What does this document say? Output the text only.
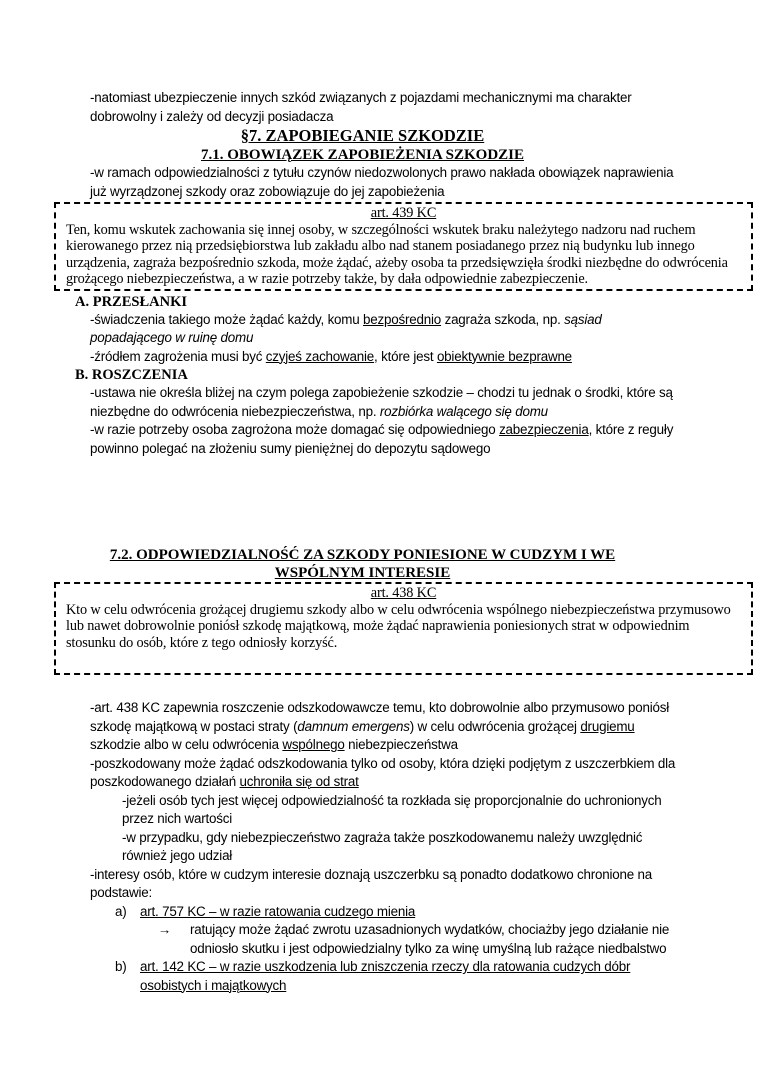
-natomiast ubezpieczenie innych szkód związanych z pojazdami mechanicznymi ma charakter dobrowolny i zależy od decyzji posiadacza

§7. ZAPOBIEGANIE SZKODZIE
7.1. OBOWIĄZEK ZAPOBIEŻENIA SZKODZIE

-w ramach odpowiedzialności z tytułu czynów niedozwolonych prawo nakłada obowiązek naprawienia już wyrządzonej szkody oraz zobowiązuje do jej zapobieżenia

art. 439 KC

Ten, komu wskutek zachowania się innej osoby, w szczególności wskutek braku należytego nadzoru nad ruchem kierowanego przez nią przedsiębiorstwa lub zakładu albo nad stanem posiadanego przez nią budynku lub innego urządzenia, zagraża bezpośrednio szkoda, może żądać, ażeby osoba ta przedsięwzięła środki niezbędne do odwrócenia grożącego niebezpieczeństwa, a w razie potrzeby także, by dała odpowiednie zabezpieczenie.

A. PRZESŁANKI

-świadczenia takiego może żądać każdy, komu bezpośrednio zagraża szkoda, np. sąsiad popadającego w ruinę domu

-źródłem zagrożenia musi być czyjeś zachowanie, które jest obiektywnie bezprawne

B. ROSZCZENIA

-ustawa nie określa bliżej na czym polega zapobieżenie szkodzie – chodzi tu jednak o środki, które są niezbędne do odwrócenia niebezpieczeństwa, np. rozbiórka walącego się domu

-w razie potrzeby osoba zagrożona może domagać się odpowiedniego zabezpieczenia, które z reguły powinno polegać na złożeniu sumy pieniężnej do depozytu sądowego

7.2. ODPOWIEDZIALNOŚĆ ZA SZKODY PONIESIONE W CUDZYM I WE WSPÓLNYM INTERESIE
art. 438 KC

Kto w celu odwrócenia grożącej drugiemu szkody albo w celu odwrócenia wspólnego niebezpieczeństwa przymusowo lub nawet dobrowolnie poniósł szkodę majątkową, może żądać naprawienia poniesionych strat w odpowiednim stosunku do osób, które z tego odniosły korzyść.

-art. 438 KC zapewnia roszczenie odszkodowawcze temu, kto dobrowolnie albo przymusowo poniósł szkodę majątkową w postaci straty (damnum emergens) w celu odwrócenia grożącej drugiemu szkodzie albo w celu odwrócenia wspólnego niebezpieczeństwa

-poszkodowany może żądać odszkodowania tylko od osoby, która dzięki podjętym z uszczerbkiem dla poszkodowanego działań uchroniła się od strat

-jeżeli osób tych jest więcej odpowiedzialność ta rozkłada się proporcjonalnie do uchronionych przez nich wartości

-w przypadku, gdy niebezpieczeństwo zagraża także poszkodowanemu należy uwzględnić również jego udział

-interesy osób, które w cudzym interesie doznają uszczerbku są ponadto dodatkowo chronione na podstawie:

a)	art. 757 KC – w razie ratowania cudzego mienia
→	ratujący może żądać zwrotu uzasadnionych wydatków, chociażby jego działanie nie odniosło skutku i jest odpowiedzialny tylko za winę umyślną lub rażące niedbalstwo
b)	art. 142 KC – w razie uszkodzenia lub zniszczenia rzeczy dla ratowania cudzych dóbr osobistych i majątkowych
